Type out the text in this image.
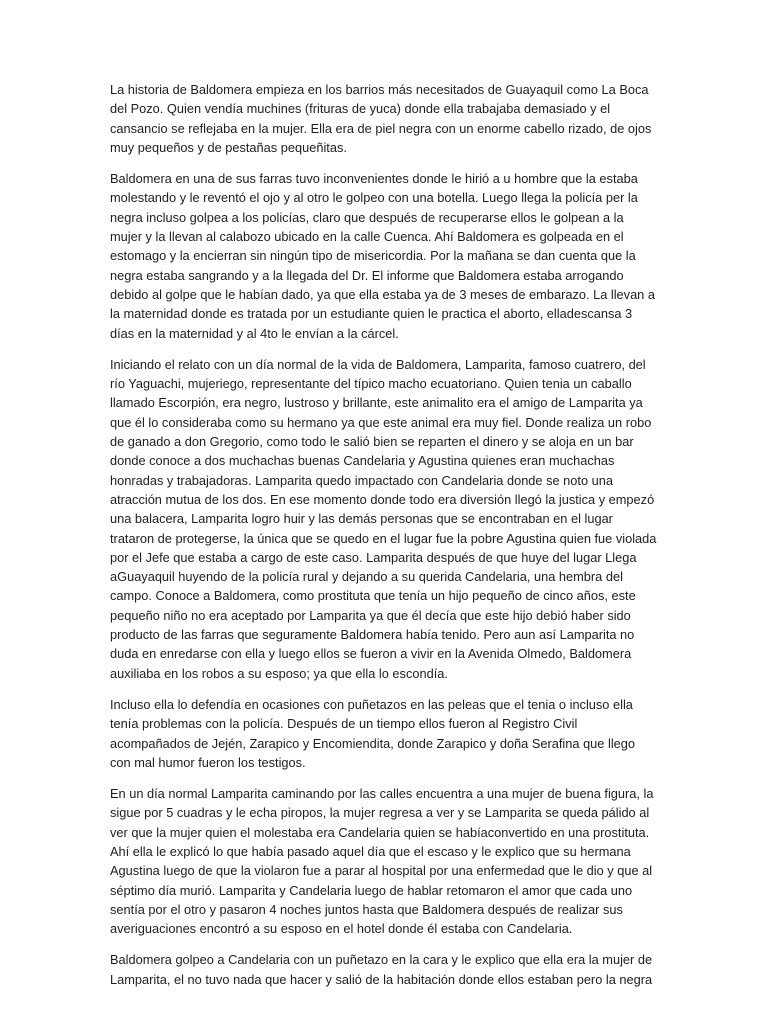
La historia de Baldomera empieza en los barrios más necesitados de Guayaquil como La Boca del Pozo. Quien vendía muchines (frituras de yuca) donde ella trabajaba demasiado y el cansancio se reflejaba en la mujer. Ella era de piel negra con un enorme cabello rizado, de ojos muy pequeños y de pestañas pequeñitas.

Baldomera en una de sus farras tuvo inconvenientes donde le hirió a u hombre que la estaba molestando y le reventó el ojo y al otro le golpeo con una botella. Luego llega la policía per la negra incluso golpea a los policías, claro que después de recuperarse ellos le golpean a la mujer y la llevan al calabozo ubicado en la calle Cuenca. Ahí Baldomera es golpeada en el estomago y la encierran sin ningún tipo de misericordia. Por la mañana se dan cuenta que la negra estaba sangrando y a la llegada del Dr. El informe que Baldomera estaba arrogando debido al golpe que le habían dado, ya que ella estaba ya de 3 meses de embarazo. La llevan a la maternidad donde es tratada por un estudiante quien le practica el aborto, elladescansa 3 días en la maternidad y al 4to le envían a la cárcel.

Iniciando el relato con un día normal de la vida de Baldomera, Lamparita, famoso cuatrero, del río Yaguachi, mujeriego, representante del típico macho ecuatoriano. Quien tenia un caballo llamado Escorpión, era negro, lustroso y brillante, este animalito era el amigo de Lamparita ya que él lo consideraba como su hermano ya que este animal era muy fiel. Donde realiza un robo de ganado a don Gregorio, como todo le salió bien se reparten el dinero y se aloja en un bar donde conoce a dos muchachas buenas Candelaria y Agustina quienes eran muchachas honradas y trabajadoras. Lamparita quedo impactado con Candelaria donde se noto una atracción mutua de los dos. En ese momento donde todo era diversión llegó la justica y empezó una balacera, Lamparita logro huir y las demás personas que se encontraban en el lugar trataron de protegerse, la única que se quedo en el lugar fue la pobre Agustina quien fue violada por el Jefe que estaba a cargo de este caso. Lamparita después de que huye del lugar Llega aGuayaquil huyendo de la policía rural y dejando a su querida Candelaria, una hembra del campo. Conoce a Baldomera, como prostituta que tenía un hijo pequeño de cinco años, este pequeño niño no era aceptado por Lamparita ya que él decía que este hijo debió haber sido producto de las farras que seguramente Baldomera había tenido. Pero aun así Lamparita no duda en enredarse con ella y luego ellos se fueron a vivir en la Avenida Olmedo, Baldomera auxiliaba en los robos a su esposo; ya que ella lo escondía.

Incluso ella lo defendía en ocasiones con puñetazos en las peleas que el tenia o incluso ella tenía problemas con la policía. Después de un tiempo ellos fueron al Registro Civil acompañados de Jején, Zarapico y Encomiendita, donde Zarapico y doña Serafina que llego con mal humor fueron los testigos.

En un día normal Lamparita caminando por las calles encuentra a una mujer de buena figura, la sigue por 5 cuadras y le echa piropos, la mujer regresa a ver y se Lamparita se queda pálido al ver que la mujer quien el molestaba era Candelaria quien se habíaconvertido en una prostituta. Ahí ella le explicó lo que había pasado aquel día que el escaso y le explico que su hermana Agustina luego de que la violaron fue a parar al hospital por una enfermedad que le dio y que al séptimo día murió. Lamparita y Candelaria luego de hablar retomaron el amor que cada uno sentía por el otro y pasaron 4 noches juntos hasta que Baldomera después de realizar sus averiguaciones encontró a su esposo en el hotel donde él estaba con Candelaria.

Baldomera golpeo a Candelaria con un puñetazo en la cara y le explico que ella era la mujer de Lamparita, el no tuvo nada que hacer y salió de la habitación donde ellos estaban pero la negra
